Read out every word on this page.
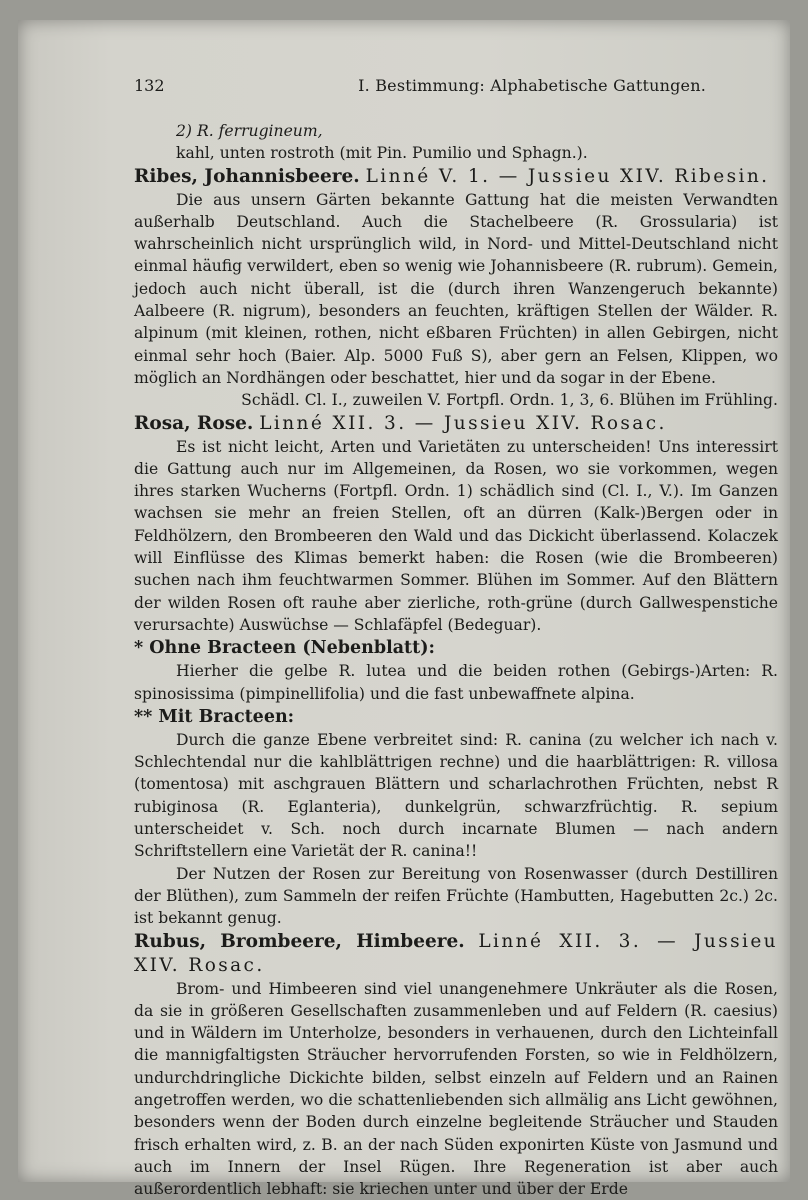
132	I. Bestimmung: Alphabetische Gattungen.

2) R. ferrugineum,

kahl, unten rostroth (mit Pin. Pumilio und Sphagn.).

Ribes, Johannisbeere. Linné V. 1. — Jussieu XIV. Ribesin.

Die aus unsern Gärten bekannte Gattung hat die meisten Verwandten außerhalb Deutschland. Auch die Stachelbeere (R. Grossularia) ist wahrscheinlich nicht ursprünglich wild, in Nord- und Mittel-Deutschland nicht einmal häufig verwildert, eben so wenig wie Johannisbeere (R. rubrum). Gemein, jedoch auch nicht überall, ist die (durch ihren Wanzengeruch bekannte) Aalbeere (R. nigrum), besonders an feuchten, kräftigen Stellen der Wälder. R. alpinum (mit kleinen, rothen, nicht eßbaren Früchten) in allen Gebirgen, nicht einmal sehr hoch (Baier. Alp. 5000 Fuß S), aber gern an Felsen, Klippen, wo möglich an Nordhängen oder beschattet, hier und da sogar in der Ebene.

Schädl. Cl. I., zuweilen V. Fortpfl. Ordn. 1, 3, 6. Blühen im Frühling.

Rosa, Rose. Linné XII. 3. — Jussieu XIV. Rosac.

Es ist nicht leicht, Arten und Varietäten zu unterscheiden! Uns interessirt die Gattung auch nur im Allgemeinen, da Rosen, wo sie vorkommen, wegen ihres starken Wucherns (Fortpfl. Ordn. 1) schädlich sind (Cl. I., V.). Im Ganzen wachsen sie mehr an freien Stellen, oft an dürren (Kalk-)Bergen oder in Feldhölzern, den Brombeeren den Wald und das Dickicht überlassend. Kolaczek will Einflüsse des Klimas bemerkt haben: die Rosen (wie die Brombeeren) suchen nach ihm feuchtwarmen Sommer. Blühen im Sommer. Auf den Blättern der wilden Rosen oft rauhe aber zierliche, roth-grüne (durch Gallwespenstiche verursachte) Auswüchse — Schlafäpfel (Bedeguar).

* Ohne Bracteen (Nebenblatt):

Hierher die gelbe R. lutea und die beiden rothen (Gebirgs-)Arten: R. spinosissima (pimpinellifolia) und die fast unbewaffnete alpina.

** Mit Bracteen:

Durch die ganze Ebene verbreitet sind: R. canina (zu welcher ich nach v. Schlechtendal nur die kahlblättrigen rechne) und die haarblättrigen: R. villosa (tomentosa) mit aschgrauen Blättern und scharlachrothen Früchten, nebst R rubiginosa (R. Eglanteria), dunkelgrün, schwarzfrüchtig. R. sepium unterscheidet v. Sch. noch durch incarnate Blumen — nach andern Schriftstellern eine Varietät der R. canina!!

Der Nutzen der Rosen zur Bereitung von Rosenwasser (durch Destilliren der Blüthen), zum Sammeln der reifen Früchte (Hambutten, Hagebutten 2c.) 2c. ist bekannt genug.

Rubus, Brombeere, Himbeere. Linné XII. 3. — Jussieu XIV. Rosac.

Brom- und Himbeeren sind viel unangenehmere Unkräuter als die Rosen, da sie in größeren Gesellschaften zusammenleben und auf Feldern (R. caesius) und in Wäldern im Unterholze, besonders in verhauenen, durch den Lichteinfall die mannigfaltigsten Sträucher hervorrufenden Forsten, so wie in Feldhölzern, undurchdringliche Dickichte bilden, selbst einzeln auf Feldern und an Rainen angetroffen werden, wo die schattenliebenden sich allmälig ans Licht gewöhnen, besonders wenn der Boden durch einzelne begleitende Sträucher und Stauden frisch erhalten wird, z. B. an der nach Süden exponirten Küste von Jasmund und auch im Innern der Insel Rügen. Ihre Regeneration ist aber auch außerordentlich lebhaft: sie kriechen unter und über der Erde
